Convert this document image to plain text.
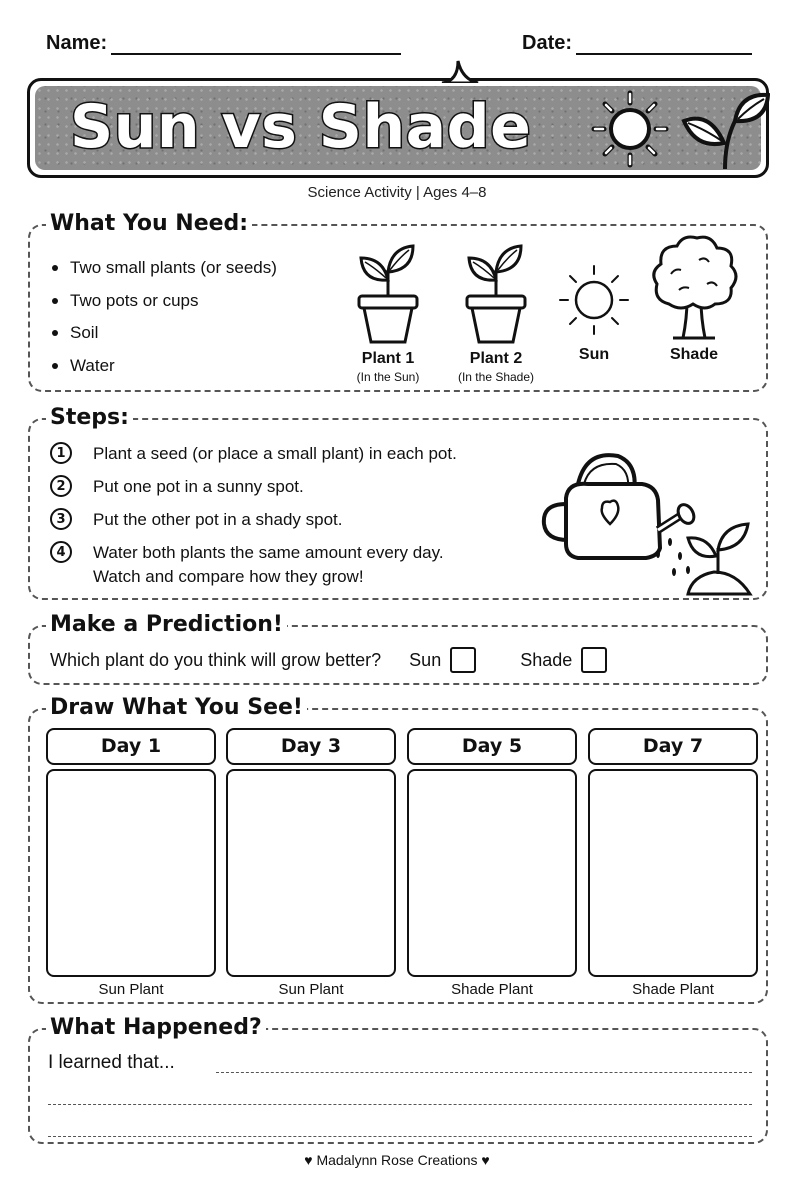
Name:	Date:
Sun vs Shade
Science Activity | Ages 4–8
What You Need:
Two small plants (or seeds)
Two pots or cups
Soil
Water	Plant 1
(In the Sun)
Plant 2
(In the Shade)
Sun	Shade
Steps:
1	Plant a seed (or place a small plant) in each pot.
2	Put one pot in a sunny spot.
3	Put the other pot in a shady spot.
4	Water both plants the same amount every day.
Watch and compare how they grow!
Make a Prediction!
Which plant do you think will grow better? Sun	Shade
Draw What You See!
Day 1
Sun Plant
Day 3
Sun Plant
Day 5
Shade Plant
Day 7
Shade Plant
What Happened?
I learned that...
♥ Madalynn Rose Creations ♥
